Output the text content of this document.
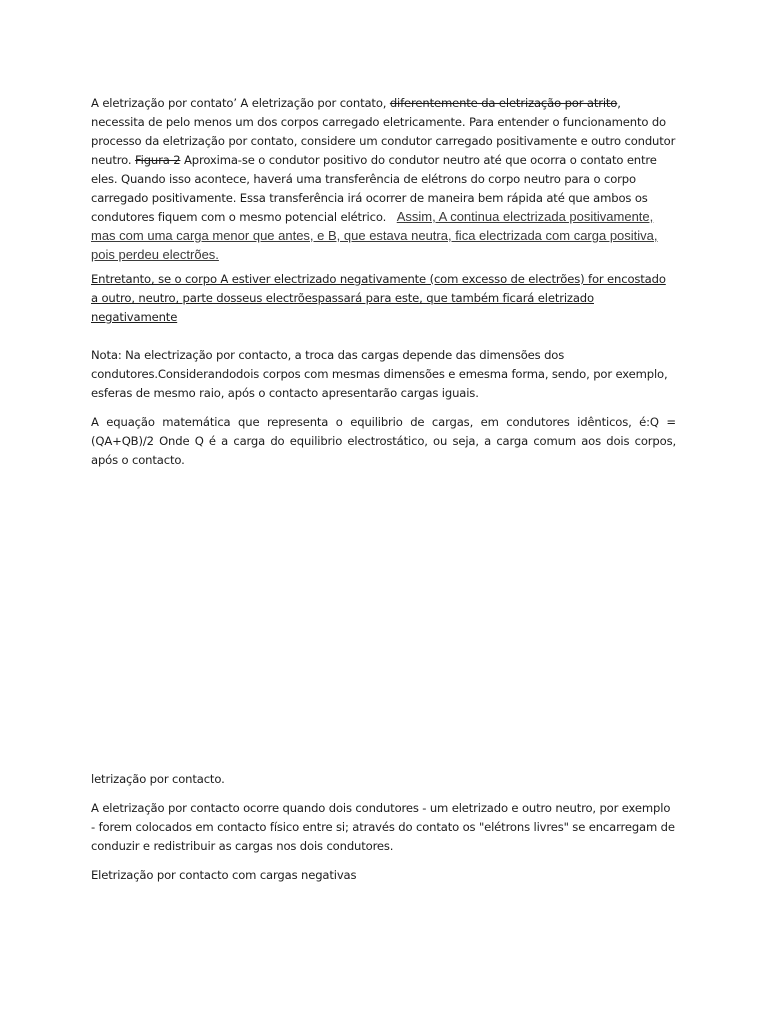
A eletrização por contato’ A eletrização por contato, diferentemente da eletrização por atrito, necessita de pelo menos um dos corpos carregado eletricamente. Para entender o funcionamento do processo da eletrização por contato, considere um condutor carregado positivamente e outro condutor neutro. Figura 2 Aproxima-se o condutor positivo do condutor neutro até que ocorra o contato entre eles. Quando isso acontece, haverá uma transferência de elétrons do corpo neutro para o corpo carregado positivamente. Essa transferência irá ocorrer de maneira bem rápida até que ambos os condutores fiquem com o mesmo potencial elétrico. Assim, A continua electrizada positivamente, mas com uma carga menor que antes, e B, que estava neutra, fica electrizada com carga positiva, pois perdeu electrões.

Entretanto, se o corpo A estiver electrizado negativamente (com excesso de electrões) for encostado a outro, neutro, parte dosseus electrõespassará para este, que também ficará eletrizado negativamente

Nota: Na electrização por contacto, a troca das cargas depende das dimensões dos condutores.Considerandodois corpos com mesmas dimensões e emesma forma, sendo, por exemplo, esferas de mesmo raio, após o contacto apresentarão cargas iguais.

A equação matemática que representa o equilibrio de cargas, em condutores idênticos, é:Q = (QA+QB)/2 Onde Q é a carga do equilibrio electrostático, ou seja, a carga comum aos dois corpos, após o contacto.

letrização por contacto.

A eletrização por contacto ocorre quando dois condutores - um eletrizado e outro neutro, por exemplo - forem colocados em contacto físico entre si; através do contato os "elétrons livres" se encarregam de conduzir e redistribuir as cargas nos dois condutores.

Eletrização por contacto com cargas negativas
